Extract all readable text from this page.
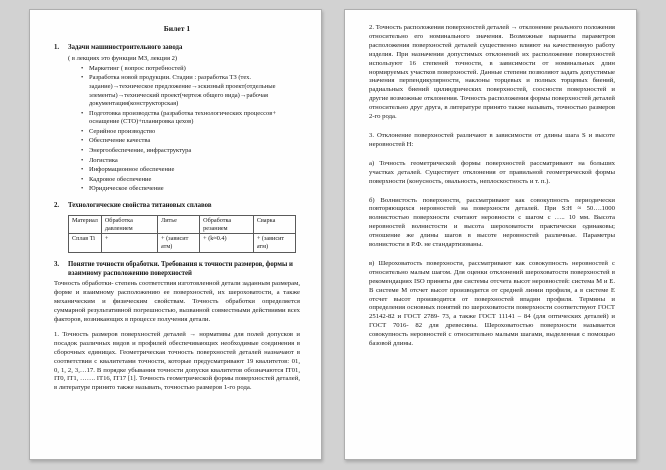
Билет 1
1.	Задачи машиностроительного завода
( в лекциях это функции МЗ, лекция 2)
• Маркетинг ( вопрос потребностей)
• Разработка новой продукции. Стадии : разработка ТЗ (тех. задание)→техническое предложение→эскизный проект(отдельные элементы)→технический проект(чертеж общего вида)→рабочая документация(конструкторская)
• Подготовка производства (разработка технологических процессов+ оснащение (СТО)+планировка цехов)
• Серийное производство
• Обеспечение качества
• Энергообеспечение, инфраструктура
• Логистика
• Информационное обеспечение
• Кадровое обеспечение
• Юридическое обеспечение
2.	Технологические свойства титановых сплавов
Материал	Обработка давлением	Литье	Обработка резанием	Сварка
Сплав Ti	+	+ (зависит атм)	+ (k≈0.4)	+ (зависит атм)
3.	Понятие точности обработки. Требования к точности размеров, формы и взаимному расположению поверхностей

Точность обработки- степень соответствия изготовленной детали заданным размерам, форме и взаимному расположению ее поверхностей, их шероховатости, а также механическим и физическим свойствам. Точность обработки определяется суммарной результативной погрешностью, вызванной совместными действиями всех факторов, возникающих в процессе получения детали.

1. Точность размеров поверхностей деталей → нормативы для полей допусков и посадок различных видов и профилей обеспечивающих необходимые соединения в сборочных единицах. Геометрическая точность поверхностей деталей назначают в соответствии с квалитетами точности, которые предусматривают 19 квалитетов: 01, 0, 1, 2, 3,…17. В порядке убывания точности допуски квалитетов обозначаются IT01, IT0, IT1, ……. IT16, IT17 [1]. Точность геометрической формы поверхностей деталей, в литературе принято также называть, точностью размеров 1-го рода.

2. Точность расположения поверхностей деталей → отклонение реального положения относительно его номинального значения. Возможные варианты параметров расположения поверхностей деталей существенно влияют на качественную работу изделия. При назначении допустимых отклонений их расположение поверхностей используют 16 степеней точности, в зависимости от номинальных длин нормируемых участков поверхностей. Данные степени позволяют задать допустимые значения перпендикулярности, наклоны торцевых и полных торцевых биений, радиальных биений цилиндрических поверхностей, соосности поверхностей и другие возможные отклонения. Точность расположения формы поверхностей деталей относительно друг друга, в литературе принято также называть, точностью размеров 2-го рода.

3. Отклонение поверхностей различают в зависимости от длины шага S и высоте неровностей H:

а) Точность геометрической формы поверхностей рассматривают на больших участках деталей. Существует отклонения от правильной геометрической формы поверхности (конусность, овальность, неплоскостность и т. п.).

б) Волнистость поверхности, рассматривают как совокупность периодически повторяющихся неровностей на поверхности деталей. При S:H ≈ 50….1000 волнистостью поверхности считают неровности с шагом с ….. 10 мм. Высота неровностей волнистости и высота шероховатости практически одинаковы; отношение же длины шагов в высоте неровностей различные. Параметры волнистости в Р.Ф. не стандартизованы.

в) Шероховатость поверхности, рассматривают как совокупность неровностей с относительно малым шагом. Для оценки отклонений шероховатости поверхностей в рекомендациях ISO приняты две системы отсчета высот неровностей: система М и Е. В системе М отсчет высот производится от средней линии профиля, а в системе Е отсчет высот производится от поверхностей впадин профиля. Термины и определения основных понятий по шероховатости поверхности соответствуют ГОСТ 25142-82 и ГОСТ 2789- 73, а также ГОСТ 11141 – 84 (для оптических деталей) и ГОСТ 7016- 82 для древесины. Шероховатостью поверхности называется совокупность неровностей с относительно малыми шагами, выделенная с помощью базовой длины.
